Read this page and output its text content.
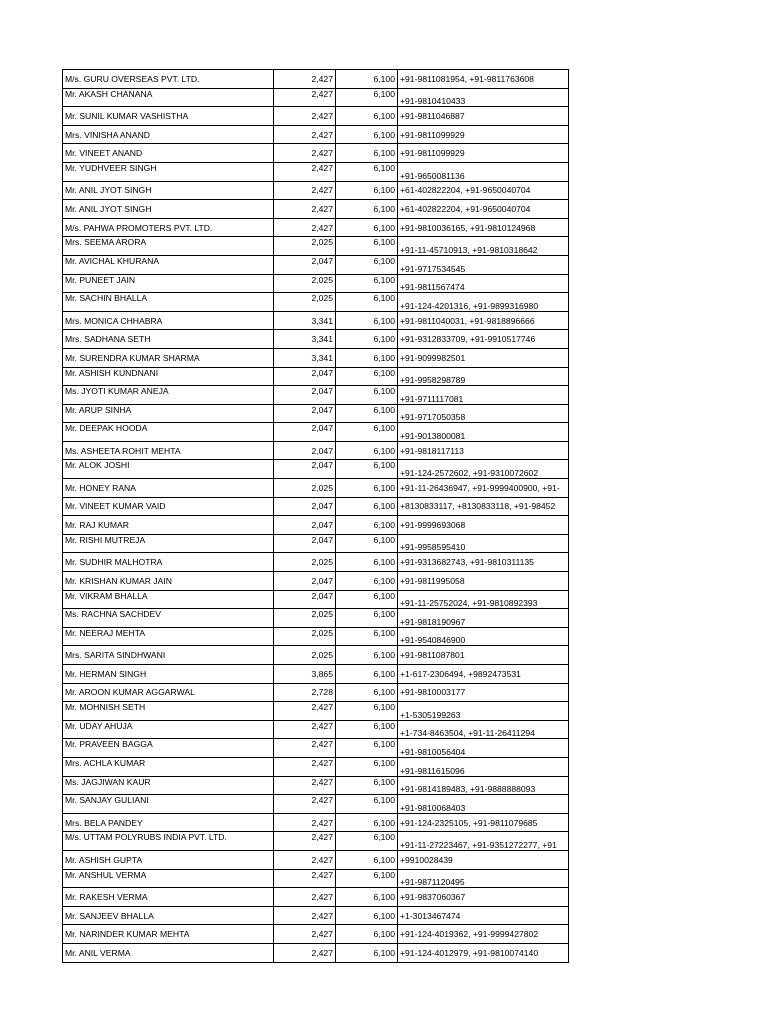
M/s. GURU OVERSEAS PVT. LTD.	2,427	6,100	+91-9811081954, +91-9811763608
Mr. AKASH CHANANA	2,427	6,100	+91-9810410433
Mr. SUNIL KUMAR VASHISTHA	2,427	6,100	+91-9811046887
Mrs. VINISHA ANAND	2,427	6,100	+91-9811099929
Mr. VINEET ANAND	2,427	6,100	+91-9811099929
Mr. YUDHVEER SINGH	2,427	6,100	+91-9650081136
Mr. ANIL JYOT SINGH	2,427	6,100	+61-402822204, +91-9650040704
Mr. ANIL JYOT SINGH	2,427	6,100	+61-402822204, +91-9650040704
M/s. PAHWA PROMOTERS PVT. LTD.	2,427	6,100	+91-9810036165, +91-9810124968
Mrs. SEEMA ARORA	2,025	6,100	+91-11-45710913, +91-9810318642
Mr. AVICHAL KHURANA	2,047	6,100	+91-9717534545
Mr. PUNEET JAIN	2,025	6,100	+91-9811567474
Mr. SACHIN BHALLA	2,025	6,100	+91-124-4201316, +91-9899316980
Mrs. MONICA CHHABRA	3,341	6,100	+91-9811040031, +91-9818896666
Mrs. SADHANA SETH	3,341	6,100	+91-9312833709, +91-9910517746
Mr. SURENDRA KUMAR SHARMA	3,341	6,100	+91-9099982501
Mr. ASHISH KUNDNANI	2,047	6,100	+91-9958298789
Ms. JYOTI KUMAR ANEJA	2,047	6,100	+91-9711117081
Mr. ARUP SINHA	2,047	6,100	+91-9717050358
Mr. DEEPAK HOODA	2,047	6,100	+91-9013800081
Ms. ASHEETA ROHIT MEHTA	2,047	6,100	+91-9818117113
Mr. ALOK JOSHI	2,047	6,100	+91-124-2572602, +91-9310072602
Mr. HONEY RANA	2,025	6,100	+91-11-26436947, +91-9999400900, +91-
Mr. VINEET KUMAR VAID	2,047	6,100	+8130833117, +8130833118, +91-98452
Mr. RAJ KUMAR	2,047	6,100	+91-9999693068
Mr. RISHI MUTREJA	2,047	6,100	+91-9958595410
Mr. SUDHIR MALHOTRA	2,025	6,100	+91-9313682743, +91-9810311135
Mr. KRISHAN KUMAR JAIN	2,047	6,100	+91-9811995058
Mr. VIKRAM BHALLA	2,047	6,100	+91-11-25752024, +91-9810892393
Ms. RACHNA SACHDEV	2,025	6,100	+91-9818190967
Mr. NEERAJ MEHTA	2,025	6,100	+91-9540846900
Mrs. SARITA SINDHWANI	2,025	6,100	+91-9811087801
Mr. HERMAN SINGH	3,865	6,100	+1-617-2306494, +9892473531
Mr. AROON KUMAR AGGARWAL	2,728	6,100	+91-9810003177
Mr. MOHNISH SETH	2,427	6,100	+1-5305199263
Mr. UDAY AHUJA	2,427	6,100	+1-734-8463504, +91-11-26411294
Mr. PRAVEEN BAGGA	2,427	6,100	+91-9810056404
Mrs. ACHLA KUMAR	2,427	6,100	+91-9811615096
Ms. JAGJIWAN KAUR	2,427	6,100	+91-9814189483, +91-9888888093
Mr. SANJAY GULIANI	2,427	6,100	+91-9810068403
Mrs. BELA PANDEY	2,427	6,100	+91-124-2325105, +91-9811079685
M/s. UTTAM POLYRUBS INDIA PVT. LTD.	2,427	6,100	+91-11-27223467, +91-9351272277, +91
Mr. ASHISH GUPTA	2,427	6,100	+9910028439
Mr. ANSHUL VERMA	2,427	6,100	+91-9871120495
Mr. RAKESH VERMA	2,427	6,100	+91-9837060367
Mr. SANJEEV BHALLA	2,427	6,100	+1-3013467474
Mr. NARINDER KUMAR MEHTA	2,427	6,100	+91-124-4019362, +91-9999427802
Mr. ANIL VERMA	2,427	6,100	+91-124-4012979, +91-9810074140
